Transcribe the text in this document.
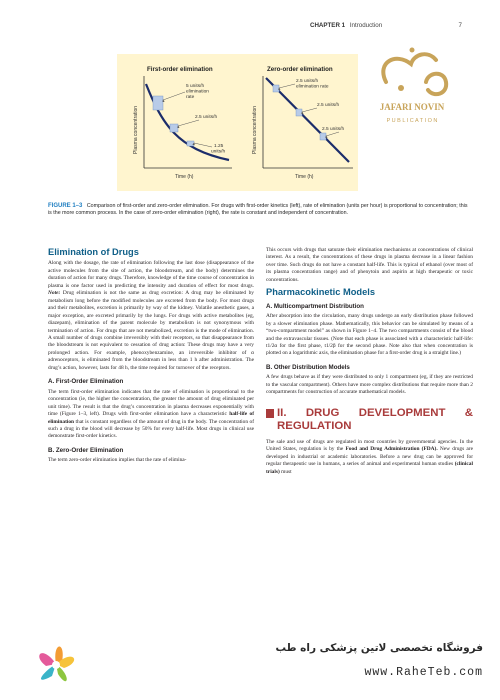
CHAPTER 1 Introduction	7
First-order elimination
Plasma concentration
Time (h)
5 units/h elimination rate
2.5 units/h
1.25 units/h
Zero-order elimination
Plasma concentration
Time (h)
2.5 units/h elimination rate
2.5 units/h
2.5 units/h
JAFARI NOVIN
P U B L I C A T I O N
FIGURE 1–3 Comparison of first-order and zero-order elimination. For drugs with first-order kinetics (left), rate of elimination (units per hour) is proportional to concentration; this is the more common process. In the case of zero-order elimination (right), the rate is constant and independent of concentration.
Elimination of Drugs

Along with the dosage, the rate of elimination following the last dose (disappearance of the active molecules from the site of action, the bloodstream, and the body) determines the duration of action for many drugs. Therefore, knowledge of the time course of concentration in plasma is one factor used in predicting the intensity and duration of effect for most drugs. Note: Drug elimination is not the same as drug excretion: A drug may be eliminated by metabolism long before the modified molecules are excreted from the body. For most drugs and their metabolites, excretion is primarily by way of the kidney. Volatile anesthetic gases, a major exception, are excreted primarily by the lungs. For drugs with active metabolites (eg, diazepam), elimination of the parent molecule by metabolism is not synonymous with termination of action. For drugs that are not metabolized, excretion is the mode of elimination. A small number of drugs combine irreversibly with their receptors, so that disappearance from the bloodstream is not equivalent to cessation of drug action: These drugs may have a very prolonged action. For example, phenoxybenzamine, an irreversible inhibitor of α adrenoceptors, is eliminated from the bloodstream in less than 1 h after administration. The drug’s action, however, lasts for 48 h, the time required for turnover of the receptors.

A. First-Order Elimination

The term first-order elimination indicates that the rate of elimination is proportional to the concentration (ie, the higher the concentration, the greater the amount of drug eliminated per unit time). The result is that the drug’s concentration in plasma decreases exponentially with time (Figure 1–3, left). Drugs with first-order elimination have a characteristic half-life of elimination that is constant regardless of the amount of drug in the body. The concentration of such a drug in the blood will decrease by 50% for every half-life. Most drugs in clinical use demonstrate first-order kinetics.

B. Zero-Order Elimination

The term zero-order elimination implies that the rate of elimina-

This occurs with drugs that saturate their elimination mechanisms at concentrations of clinical interest. As a result, the concentrations of these drugs in plasma decrease in a linear fashion over time. Such drugs do not have a constant half-life. This is typical of ethanol (over most of its plasma concentration range) and of phenytoin and aspirin at high therapeutic or toxic concentrations.

Pharmacokinetic Models
A. Multicompartment Distribution

After absorption into the circulation, many drugs undergo an early distribution phase followed by a slower elimination phase. Mathematically, this behavior can be simulated by means of a “two-compartment model” as shown in Figure 1–4. The two compartments consist of the blood and the extravascular tissues. (Note that each phase is associated with a characteristic half-life: t1/2α for the first phase, t1/2β for the second phase. Note also that when concentration is plotted on a logarithmic axis, the elimination phase for a first-order drug is a straight line.)

B. Other Distribution Models

A few drugs behave as if they were distributed to only 1 compartment (eg, if they are restricted to the vascular compartment). Others have more complex distributions that require more than 2 compartments for construction of accurate mathematical models.

II. DRUG DEVELOPMENT & REGULATION

The sale and use of drugs are regulated in most countries by governmental agencies. In the United States, regulation is by the Food and Drug Administration (FDA). New drugs are developed in industrial or academic laboratories. Before a new drug can be approved for regular therapeutic use in humans, a series of animal and experimental human studies (clinical trials) must

فروشگاه تخصصی لاتین پزشکی راه طب
www.RaheTeb.com
